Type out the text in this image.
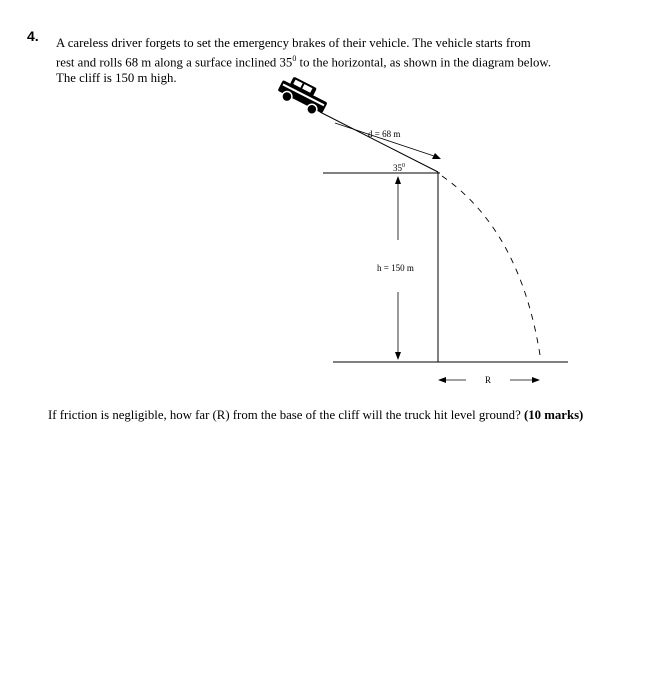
4. A careless driver forgets to set the emergency brakes of their vehicle. The vehicle starts from
rest and rolls 68 m along a surface inclined $35^0$ to the horizontal, as shown in the diagram below.
The cliff is 150 m high.
d = 68 m
$35^0$
h = 150 m
R
If friction is negligible, how far (R) from the base of the cliff will the truck hit level ground? (10 marks)
